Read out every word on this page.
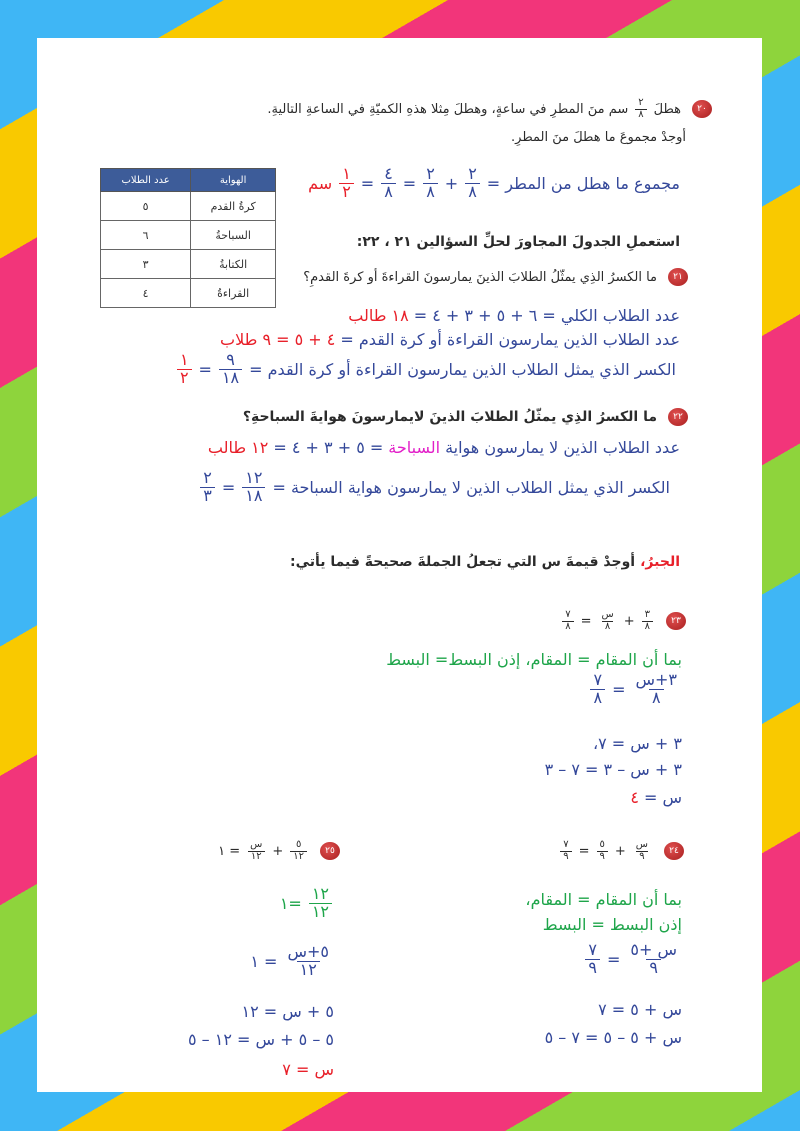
الهواية	عدد الطلاب
كرةُ القدم	٥
السباحةُ	٦
الكتابةُ	٣
القراءةُ	٤
٢٠
هطلَ
$\frac{٢}{٨}$
سم منَ المطرِ في ساعةٍ، وهطلَ مِثلا هذهِ الكميّةِ في الساعةِ التاليةِ.
أوجدْ مجموعَ ما هطلَ منَ المطرِ.
مجموع ما هطل من المطر =
$\frac{٢}{٨}$
+
$\frac{٢}{٨}$
=
$\frac{٤}{٨}$
=
$\frac{١}{٢}$
سم
استعملِ الجدولَ المجاورَ لحلِّ السؤالين ٢١ ، ٢٢:
٢١
ما الكسرُ الذِي يمثّلُ الطلابَ الذينَ يمارسونَ القراءةَ أو كرةَ القدمِ؟
عدد الطلاب الكلي = ٦ + ٥ + ٣ + ٤ =
١٨ طالب
عدد الطلاب الذين يمارسون القراءة أو كرة القدم =
٤ + ٥ = ٩ طلاب
الكسر الذي يمثل الطلاب الذين يمارسون القراءة أو كرة القدم =
$\frac{٩}{١٨}$
=
$\frac{١}{٢}$
٢٢
ما الكسرُ الذِي يمثّلُ الطلابَ الذينَ لايمارسونَ هوايةَ السباحةِ؟
عدد الطلاب الذين لا يمارسون هواية
السباحة
= ٥ + ٣ + ٤ =
١٢ طالب
الكسر الذي يمثل الطلاب الذين لا يمارسون هواية السباحة =
$\frac{١٢}{١٨}$
=
$\frac{٢}{٣}$
الجبرُ،
أوجدْ قيمةَ س التي تجعلُ الجملةَ صحيحةً فيما يأتي:
٢٣
$\frac{٣}{٨}$
+
$\frac{\text{س}}{٨}$
=
$\frac{٧}{٨}$
بما أن المقام = المقام، إذن البسط= البسط
$\frac{\text{٣+س}}{٨}$
=
$\frac{٧}{٨}$
٣ + س = ٧،
٣ + س – ٣ = ٧ – ٣
س =
٤
٢٤
$\frac{\text{س}}{٩}$
+
$\frac{٥}{٩}$
=
$\frac{٧}{٩}$
بما أن المقام = المقام،
إذن البسط = البسط
$\frac{\text{س +٥}}{٩}$
=
$\frac{٧}{٩}$
س + ٥ = ٧
س + ٥ – ٥ = ٧ – ٥
٢٥
$\frac{٥}{١٢}$
+
$\frac{\text{س}}{١٢}$
= ١
$\frac{١٢}{١٢}$
=١
$\frac{\text{٥+س}}{١٢}$
= ١
٥ + س = ١٢
٥ – ٥ + س = ١٢ – ٥
س = ٧
